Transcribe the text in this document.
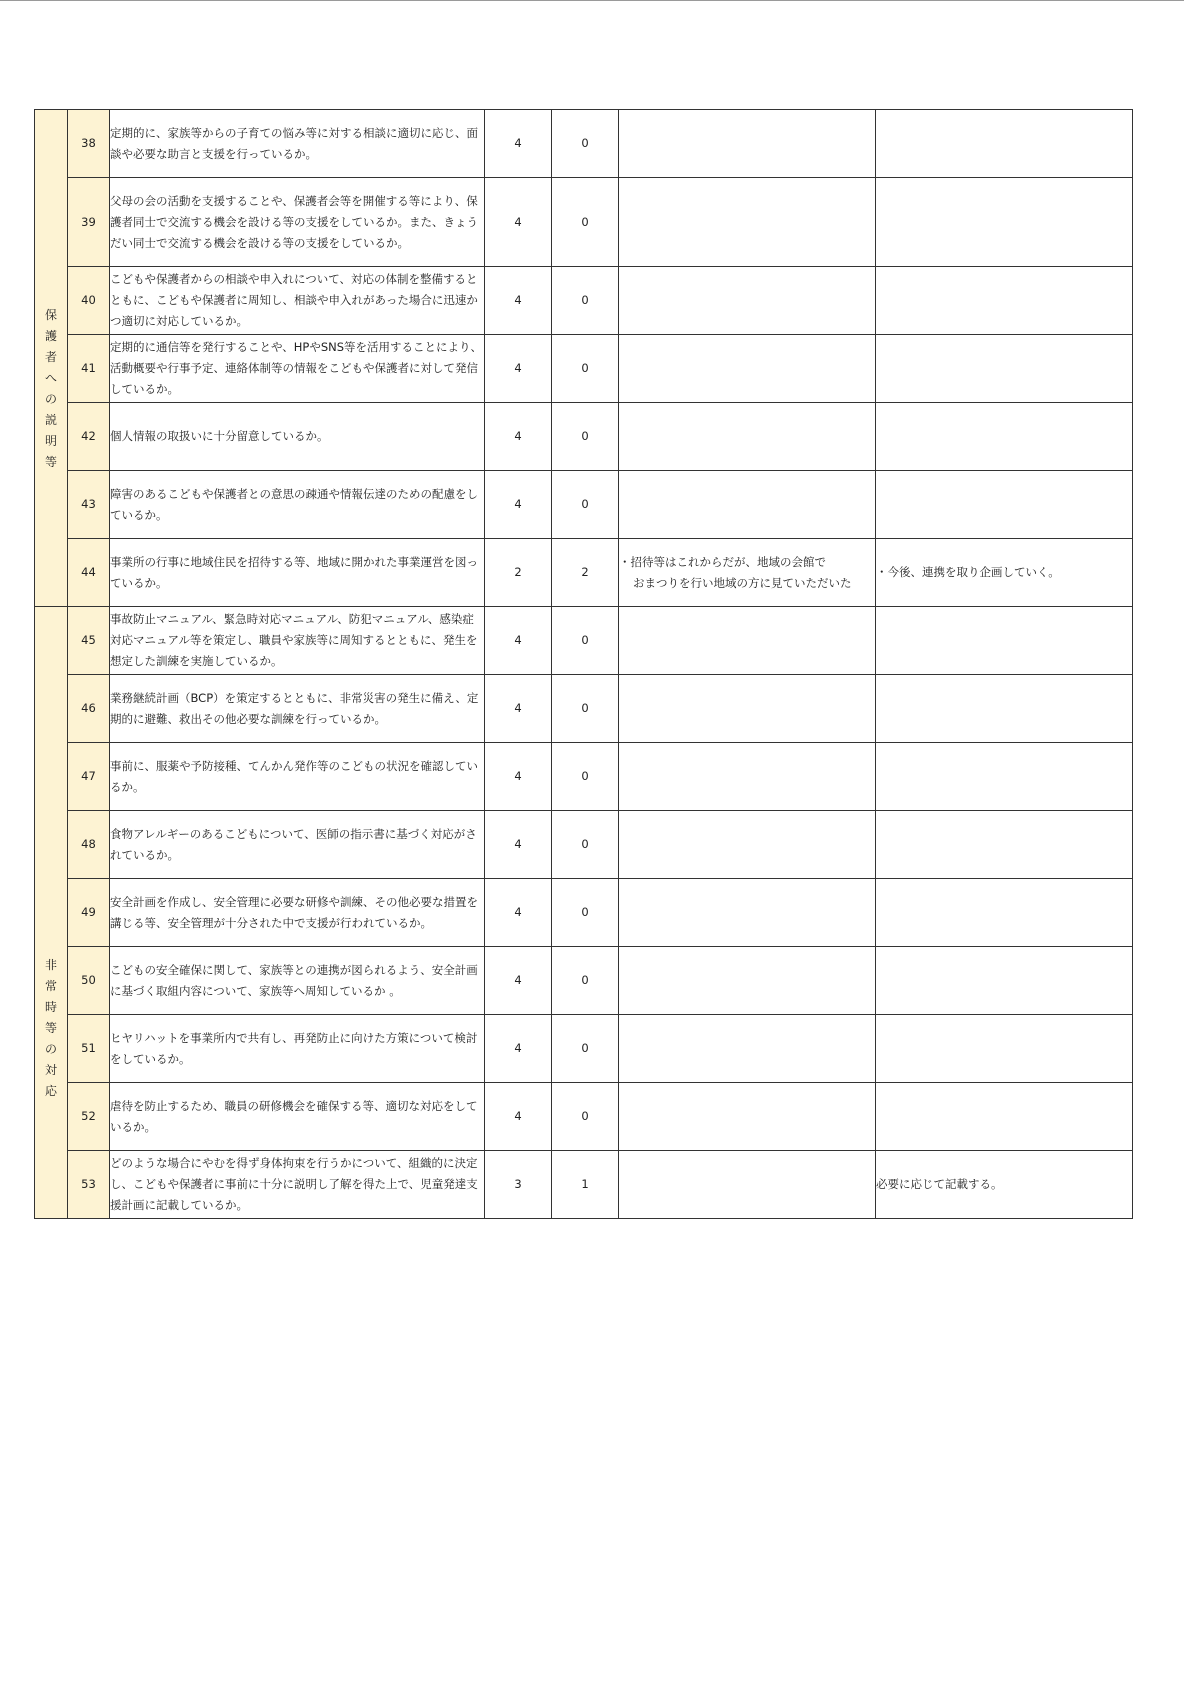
保護者への説明等	38	定期的に、家族等からの子育ての悩み等に対する相談に適切に応じ、面談や必要な助言と支援を行っているか。	4	0		
	39	父母の会の活動を支援することや、保護者会等を開催する等により、保護者同士で交流する機会を設ける等の支援をしているか。また、きょうだい同士で交流する機会を設ける等の支援をしているか。	4	0		
	40	こどもや保護者からの相談や申入れについて、対応の体制を整備するとともに、こどもや保護者に周知し、相談や申入れがあった場合に迅速かつ適切に対応しているか。	4	0		
	41	定期的に通信等を発行することや、HPやSNS等を活用することにより、活動概要や行事予定、連絡体制等の情報をこどもや保護者に対して発信しているか。	4	0		
	42	個人情報の取扱いに十分留意しているか。	4	0		
	43	障害のあるこどもや保護者との意思の疎通や情報伝達のための配慮をしているか。	4	0		
	44	事業所の行事に地域住民を招待する等、地域に開かれた事業運営を図っているか。	2	2	・招待等はこれからだが、地域の会館で
おまつりを行い地域の方に見ていただいた	・今後、連携を取り企画していく。
非常時等の対応	45	事故防止マニュアル、緊急時対応マニュアル、防犯マニュアル、感染症対応マニュアル等を策定し、職員や家族等に周知するとともに、発生を想定した訓練を実施しているか。	4	0		
	46	業務継続計画（BCP）を策定するとともに、非常災害の発生に備え、定期的に避難、救出その他必要な訓練を行っているか。	4	0		
	47	事前に、服薬や予防接種、てんかん発作等のこどもの状況を確認しているか。	4	0		
	48	食物アレルギーのあるこどもについて、医師の指示書に基づく対応がされているか。	4	0		
	49	安全計画を作成し、安全管理に必要な研修や訓練、その他必要な措置を講じる等、安全管理が十分された中で支援が行われているか。	4	0		
	50	こどもの安全確保に関して、家族等との連携が図られるよう、安全計画に基づく取組内容について、家族等へ周知しているか 。	4	0		
	51	ヒヤリハットを事業所内で共有し、再発防止に向けた方策について検討をしているか。	4	0		
	52	虐待を防止するため、職員の研修機会を確保する等、適切な対応をしているか。	4	0		
	53	どのような場合にやむを得ず身体拘束を行うかについて、組織的に決定し、こどもや保護者に事前に十分に説明し了解を得た上で、児童発達支援計画に記載しているか。	3	1		必要に応じて記載する。
